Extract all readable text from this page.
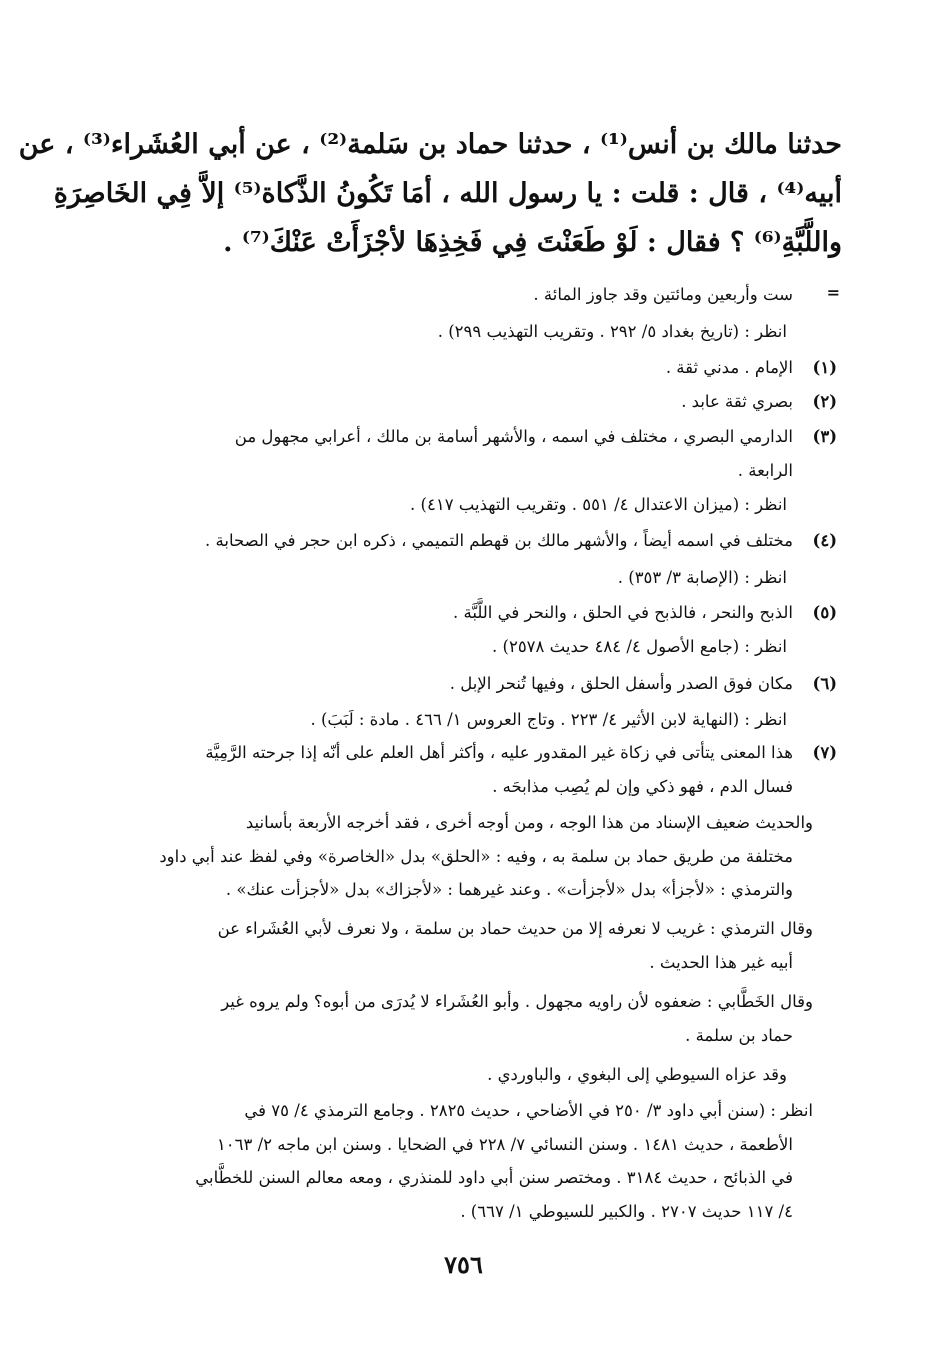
حدثنا مالك بن أنس⁽¹⁾ ، حدثنا حماد بن سَلمة⁽²⁾ ، عن أبي العُشَراء⁽³⁾ ، عن
أبيه⁽⁴⁾ ، قال : قلت : يا رسول الله ، أمَا تَكُونُ الذَّكاة⁽⁵⁾ إلاَّ فِي الخَاصِرَةِ
واللَّبَّةِ⁽⁶⁾ ؟ فقال : لَوْ طَعَنْتَ فِي فَخِذِهَا لأجْزَأَتْ عَنْكَ⁽⁷⁾ .
=
ست وأربعين ومائتين وقد جاوز المائة .
انظر : (تاريخ بغداد ٥/ ٢٩٢ . وتقريب التهذيب ٢٩٩) .
(١)
الإمام . مدني ثقة .
(٢)
بصري ثقة عابد .
(٣)
الدارمي البصري ، مختلف في اسمه ، والأشهر أسامة بن مالك ، أعرابي مجهول من
الرابعة .
انظر : (ميزان الاعتدال ٤/ ٥٥١ . وتقريب التهذيب ٤١٧) .
(٤)
مختلف في اسمه أيضاً ، والأشهر مالك بن قهطم التميمي ، ذكره ابن حجر في الصحابة .
انظر : (الإصابة ٣/ ٣٥٣) .
(٥)
الذبح والنحر ، فالذبح في الحلق ، والنحر في اللَّبَّة .
انظر : (جامع الأصول ٤/ ٤٨٤ حديث ٢٥٧٨) .
(٦)
مكان فوق الصدر وأسفل الحلق ، وفيها تُنحر الإبل .
انظر : (النهاية لابن الأثير ٤/ ٢٢٣ . وتاج العروس ١/ ٤٦٦ . مادة : لَبَبَ) .
(٧)
هذا المعنى يتأتى في زكاة غير المقدور عليه ، وأكثر أهل العلم على أنّه إذا جرحته الرَّمِيَّة
فسال الدم ، فهو ذكي وإن لم يُصِب مذابحَه .
والحديث ضعيف الإسناد من هذا الوجه ، ومن أوجه أخرى ، فقد أخرجه الأربعة بأسانيد
مختلفة من طريق حماد بن سلمة به ، وفيه : «الحلق» بدل «الخاصرة» وفي لفظ عند أبي داود
والترمذي : «لأجزأ» بدل «لأجزأت» . وعند غيرهما : «لأجزاك» بدل «لأجزأت عنك» .
وقال الترمذي : غريب لا نعرفه إلا من حديث حماد بن سلمة ، ولا نعرف لأبي العُشَراء عن
أبيه غير هذا الحديث .
وقال الخَطَّابي : ضعفوه لأن راويه مجهول . وأبو العُشَراء لا يُدرَى من أبوه؟ ولم يروه غير
حماد بن سلمة .
وقد عزاه السيوطي إلى البغوي ، والباوردي .
انظر : (سنن أبي داود ٣/ ٢٥٠ في الأضاحي ، حديث ٢٨٢٥ . وجامع الترمذي ٤/ ٧٥ في
الأطعمة ، حديث ١٤٨١ . وسنن النسائي ٧/ ٢٢٨ في الضحايا . وسنن ابن ماجه ٢/ ١٠٦٣
في الذبائح ، حديث ٣١٨٤ . ومختصر سنن أبي داود للمنذري ، ومعه معالم السنن للخطَّابي
٤/ ١١٧ حديث ٢٧٠٧ . والكبير للسيوطي ١/ ٦٦٧) .
٧٥٦
